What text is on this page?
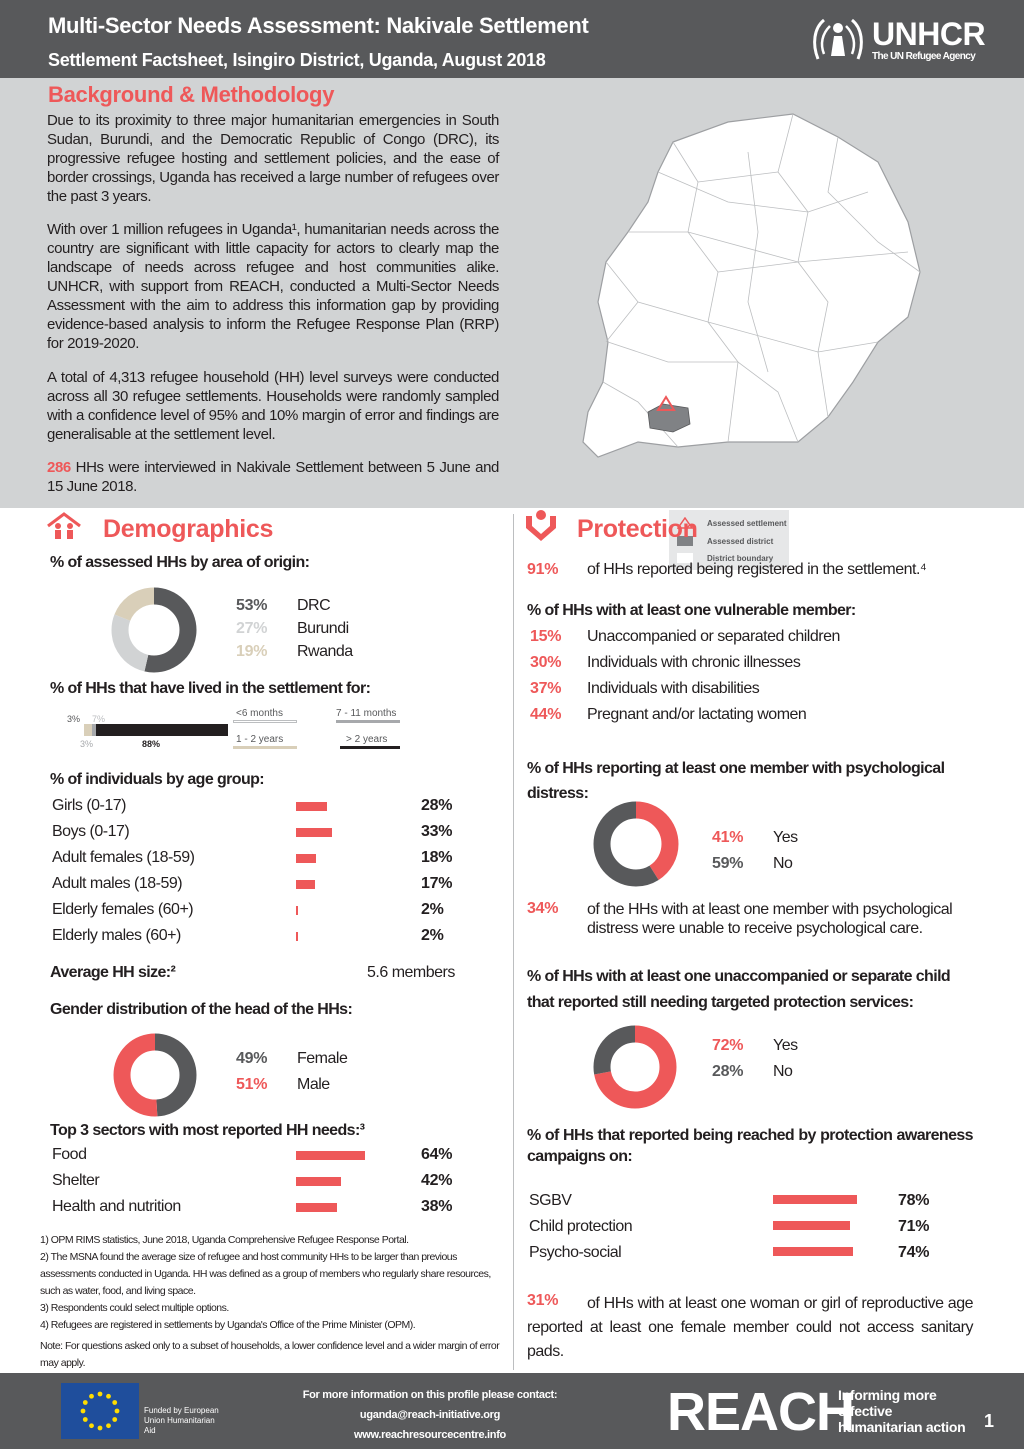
Multi-Sector Needs Assessment: Nakivale Settlement
Settlement Factsheet, Isingiro District, Uganda, August 2018
UNHCR
The UN Refugee Agency
Background & Methodology
Due to its proximity to three major humanitarian emergencies in South Sudan, Burundi, and the Democratic Republic of Congo (DRC), its progressive refugee hosting and settlement policies, and the ease of border crossings, Uganda has received a large number of refugees over the past 3 years.
With over 1 million refugees in Uganda¹, humanitarian needs across the country are significant with little capacity for actors to clearly map the landscape of needs across refugee and host communities alike. UNHCR, with support from REACH, conducted a Multi-Sector Needs Assessment with the aim to address this information gap by providing evidence-based analysis to inform the Refugee Response Plan (RRP) for 2019-2020.
A total of 4,313 refugee household (HH) level surveys were conducted across all 30 refugee settlements. Households were randomly sampled with a confidence level of 95% and 10% margin of error and findings are generalisable at the settlement level.
286 HHs were interviewed in Nakivale Settlement between 5 June and 15 June 2018.
Assessed settlement
Assessed district
District boundary
Demographics
% of assessed HHs by area of origin:
53% DRC
27% Burundi
19% Rwanda
% of HHs that have lived in the settlement for:
3% 7%
3%	88%
<6 months	7 - 11 months
1 - 2 years	> 2 years
% of individuals by age group:
Girls (0-17)	28%
Boys (0-17)	33%
Adult females (18-59)	18%
Adult males (18-59)	17%
Elderly females (60+)	2%
Elderly males (60+)	2%
Average HH size:²	5.6 members
Gender distribution of the head of the HHs:
49% Female
51% Male
Top 3 sectors with most reported HH needs:³
Food	64%
Shelter	42%
Health and nutrition	38%
1) OPM RIMS statistics, June 2018, Uganda Comprehensive Refugee Response Portal.
2) The MSNA found the average size of refugee and host community HHs to be larger than previous assessments conducted in Uganda. HH was defined as a group of members who regularly share resources, such as water, food, and living space.
3) Respondents could select multiple options.
4) Refugees are registered in settlements by Uganda's Office of the Prime Minister (OPM).
Note: For questions asked only to a subset of households, a lower confidence level and a wider margin of error may apply.
Protection
91% of HHs reported being registered in the settlement.⁴
% of HHs with at least one vulnerable member:
15% Unaccompanied or separated children
30% Individuals with chronic illnesses
37% Individuals with disabilities
44% Pregnant and/or lactating women
% of HHs reporting at least one member with psychological distress:
41% Yes
59% No
34% of the HHs with at least one member with psychological distress were unable to receive psychological care.
% of HHs with at least one unaccompanied or separate child that reported still needing targeted protection services:
72% Yes
28% No
% of HHs that reported being reached by protection awareness campaigns on:
SGBV	78%
Child protection	71%
Psycho-social	74%
31%	of HHs with at least one woman or girl of reproductive age reported at least one female member could not access sanitary pads.
Funded by European Union Humanitarian Aid
For more information on this profile please contact:
uganda@reach-initiative.org
www.reachresourcecentre.info	REACH
Informing more effective humanitarian action 1
